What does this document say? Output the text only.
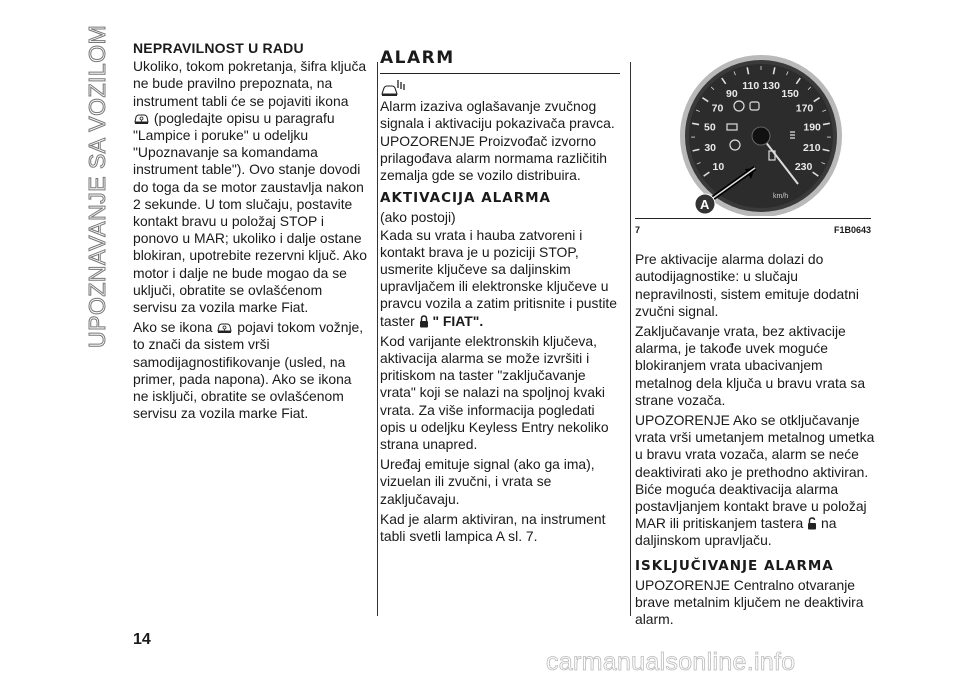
UPOZNAVANJE SA VOZILOM NEPRAVILNOST U RADU

Ukoliko, tokom pokretanja, šifra ključa ne bude pravilno prepoznata, na instrument tabli će se pojaviti ikona  (pogledajte opisu u paragrafu "Lampice i poruke" u odeljku "Upoznavanje sa komandama instrument table"). Ovo stanje dovodi do toga da se motor zaustavlja nakon 2 sekunde. U tom slučaju, postavite kontakt bravu u položaj STOP i ponovo u MAR; ukoliko i dalje ostane blokiran, upotrebite rezervni ključ. Ako motor i dalje ne bude mogao da se uključi, obratite se ovlašćenom servisu za vozila marke Fiat.

Ako se ikona pojavi tokom vožnje, to znači da sistem vrši samodijagnostifikovanje (usled, na primer, pada napona). Ako se ikona ne isključi, obratite se ovlašćenom servisu za vozila marke Fiat.

ALARM

Alarm izaziva oglašavanje zvučnog signala i aktivaciju pokazivača pravca. UPOZORENJE Proizvođač izvorno prilagođava alarm normama različitih zemalja gde se vozilo distribuira.

AKTIVACIJA ALARMA

(ako postoji)

Kada su vrata i hauba zatvoreni i kontakt brava je u poziciji STOP, usmerite ključeve sa daljinskim upravljačem ili elektronske ključeve u pravcu vozila a zatim pritisnite i pustite taster " FIAT".

Kod varijante elektronskih ključeva, aktivacija alarma se može izvršiti i pritiskom na taster "zaključavanje vrata" koji se nalazi na spoljnoj kvaki vrata. Za više informacija pogledati opis u odeljku Keyless Entry nekoliko strana unapred.

Uređaj emituje signal (ako ga ima), vizuelan ili zvučni, i vrata se zaključavaju.

Kad je alarm aktiviran, na instrument tabli svetli lampica A sl. 7.

10
30
50
70
90
110 130
150
170
190
210
230
km/h
A
7	F1B0643

Pre aktivacije alarma dolazi do autodijagnostike: u slučaju nepravilnosti, sistem emituje dodatni zvučni signal.

Zaključavanje vrata, bez aktivacije alarma, je takođe uvek moguće blokiranjem vrata ubacivanjem metalnog dela ključa u bravu vrata sa strane vozača.

UPOZORENJE Ako se otključavanje vrata vrši umetanjem metalnog umetka u bravu vrata vozača, alarm se neće deaktivirati ako je prethodno aktiviran. Biće moguća deaktivacija alarma postavljanjem kontakt brave u položaj MAR ili pritiskanjem tastera na daljinskom upravljaču.

ISKLJUČIVANJE ALARMA

UPOZORENJE Centralno otvaranje brave metalnim ključem ne deaktivira alarm.

14
carmanualsonline.info
